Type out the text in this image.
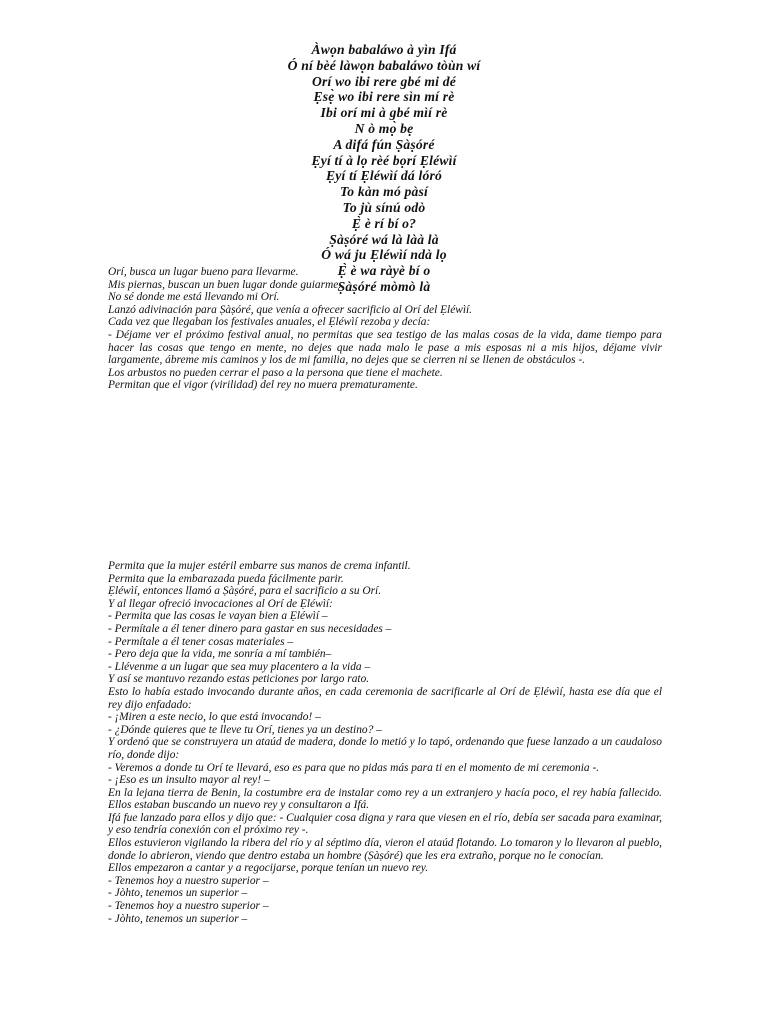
Àwọn babaláwo à yìn Ifá
Ó ní bèé làwọn babaláwo tòùn wí
Orí wo ibi rere gbé mi dé
Ẹsẹ̀ wo ibi rere sìn mí rè
Ibi orí mi à gbé mìí rè
N ò mọ̀ bẹ
A difá fún Ṣàṣóré
Ẹyí tí à lọ rèé bọrí Ẹléwìí
Ẹyí tí Ẹléwìí dá lóró
To kàn mó pàsí
To jù sínú odò
Ẹ̀ è rí bí o?
Ṣàṣóré wá là làà là
Ó wá ju Ẹléwìí ndà lọ
Ẹ̀ è wa ràyè bí o
Ṣàṣóré mòmò là
Orí, busca un lugar bueno para llevarme.
Mis piernas, buscan un buen lugar donde guiarme.
No sé donde me está llevando mi Orí.
Lanzó adivinación para Ṣàṣóré, que venía a ofrecer sacrificio al Orí del Ẹléwìí.
Cada vez que llegaban los festivales anuales, el Ẹléwìí rezoba y decía:
- Déjame ver el próximo festival anual, no permitas que sea testigo de las malas cosas de la vida, dame tiempo para hacer las cosas que tengo en mente, no dejes que nada malo le pase a mis esposas ni a mis hijos, déjame vivir largamente, ábreme mis caminos y los de mi familia, no dejes que se cierren ni se llenen de obstáculos -.
Los arbustos no pueden cerrar el paso a la persona que tiene el machete.
Permitan que el vigor (virilidad) del rey no muera prematuramente.
Permita que la mujer estéril embarre sus manos de crema infantil.
Permita que la embarazada pueda fácilmente parir.
Ẹléwìí, entonces llamó a Ṣàṣóré, para el sacrificio a su Orí.
Y al llegar ofreció invocaciones al Orí de Ẹléwìí:
- Permita que las cosas le vayan bien a Ẹléwìí –
- Permítale a él tener dinero para gastar en sus necesidades –
- Permítale a él tener cosas materiales –
- Pero deja que la vida, me sonría a mí también–
- Llévenme a un lugar que sea muy placentero a la vida –
Y así se mantuvo rezando estas peticiones por largo rato.
Esto lo había estado invocando durante años, en cada ceremonia de sacrificarle al Orí de Ẹléwìí, hasta ese día que el rey dijo enfadado:
- ¡Miren a este necio, lo que está invocando! –
- ¿Dónde quieres que te lleve tu Orí, tienes ya un destino? –
Y ordenó que se construyera un ataúd de madera, donde lo metió y lo tapó, ordenando que fuese lanzado a un caudaloso río, donde dijo:
- Veremos a donde tu Orí te llevará, eso es para que no pidas más para ti en el momento de mi ceremonia -.
- ¡Eso es un insulto mayor al rey! –
En la lejana tierra de Benin, la costumbre era de instalar como rey a un extranjero y hacía poco, el rey había fallecido. Ellos estaban buscando un nuevo rey y consultaron a Ifá.
Ifá fue lanzado para ellos y dijo que: - Cualquier cosa digna y rara que viesen en el río, debía ser sacada para examinar, y eso tendría conexión con el próximo rey -.
Ellos estuvieron vigilando la ribera del río y al séptimo día, vieron el ataúd flotando. Lo tomaron y lo llevaron al pueblo, donde lo abrieron, viendo que dentro estaba un hombre (Ṣàṣóré) que les era extraño, porque no le conocían.
Ellos empezaron a cantar y a regocijarse, porque tenían un nuevo rey.
- Tenemos hoy a nuestro superior –
- Jòhto, tenemos un superior –
- Tenemos hoy a nuestro superior –
- Jòhto, tenemos un superior –
